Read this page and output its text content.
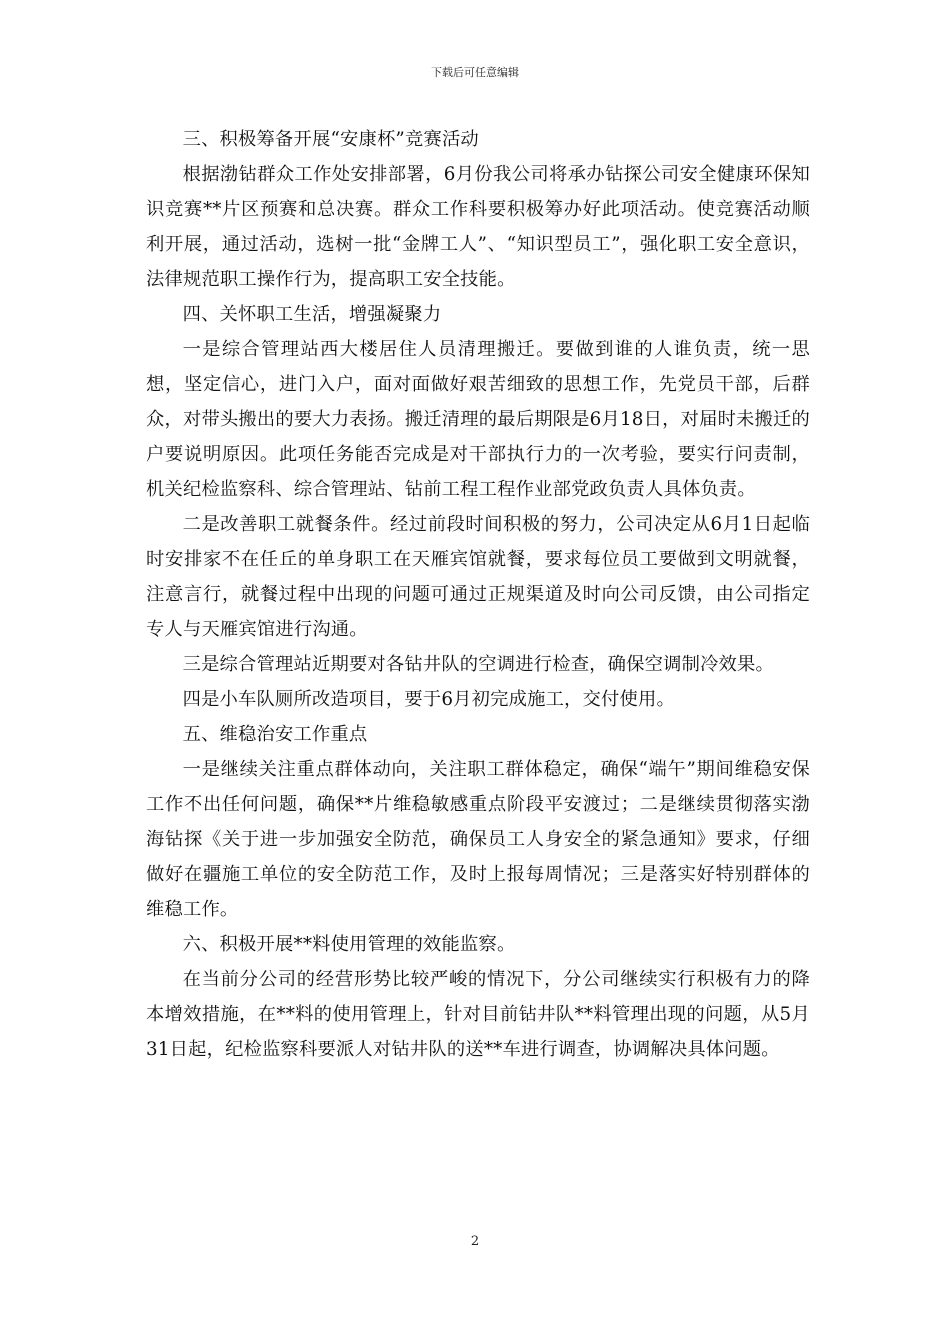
下载后可任意编辑

三、积极筹备开展“安康杯”竞赛活动

根据渤钻群众工作处安排部署，6月份我公司将承办钻探公司安全健康环保知识竞赛**片区预赛和总决赛。群众工作科要积极筹办好此项活动。使竞赛活动顺利开展，通过活动，选树一批“金牌工人”、“知识型员工”，强化职工安全意识，法律规范职工操作行为，提高职工安全技能。

四、关怀职工生活，增强凝聚力

一是综合管理站西大楼居住人员清理搬迁。要做到谁的人谁负责，统一思想，坚定信心，进门入户，面对面做好艰苦细致的思想工作，先党员干部，后群众，对带头搬出的要大力表扬。搬迁清理的最后期限是6月18日，对届时未搬迁的户要说明原因。此项任务能否完成是对干部执行力的一次考验，要实行问责制，机关纪检监察科、综合管理站、钻前工程工程作业部党政负责人具体负责。

二是改善职工就餐条件。经过前段时间积极的努力，公司决定从6月1日起临时安排家不在任丘的单身职工在天雁宾馆就餐，要求每位员工要做到文明就餐，注意言行，就餐过程中出现的问题可通过正规渠道及时向公司反馈，由公司指定专人与天雁宾馆进行沟通。

三是综合管理站近期要对各钻井队的空调进行检查，确保空调制冷效果。

四是小车队厕所改造项目，要于6月初完成施工，交付使用。

五、维稳治安工作重点

一是继续关注重点群体动向，关注职工群体稳定，确保“端午”期间维稳安保工作不出任何问题，确保**片维稳敏感重点阶段平安渡过；二是继续贯彻落实渤海钻探《关于进一步加强安全防范，确保员工人身安全的紧急通知》要求，仔细做好在疆施工单位的安全防范工作，及时上报每周情况；三是落实好特别群体的维稳工作。

六、积极开展**料使用管理的效能监察。

在当前分公司的经营形势比较严峻的情况下，分公司继续实行积极有力的降本增效措施，在**料的使用管理上，针对目前钻井队**料管理出现的问题，从5月31日起，纪检监察科要派人对钻井队的送**车进行调查，协调解决具体问题。

2
